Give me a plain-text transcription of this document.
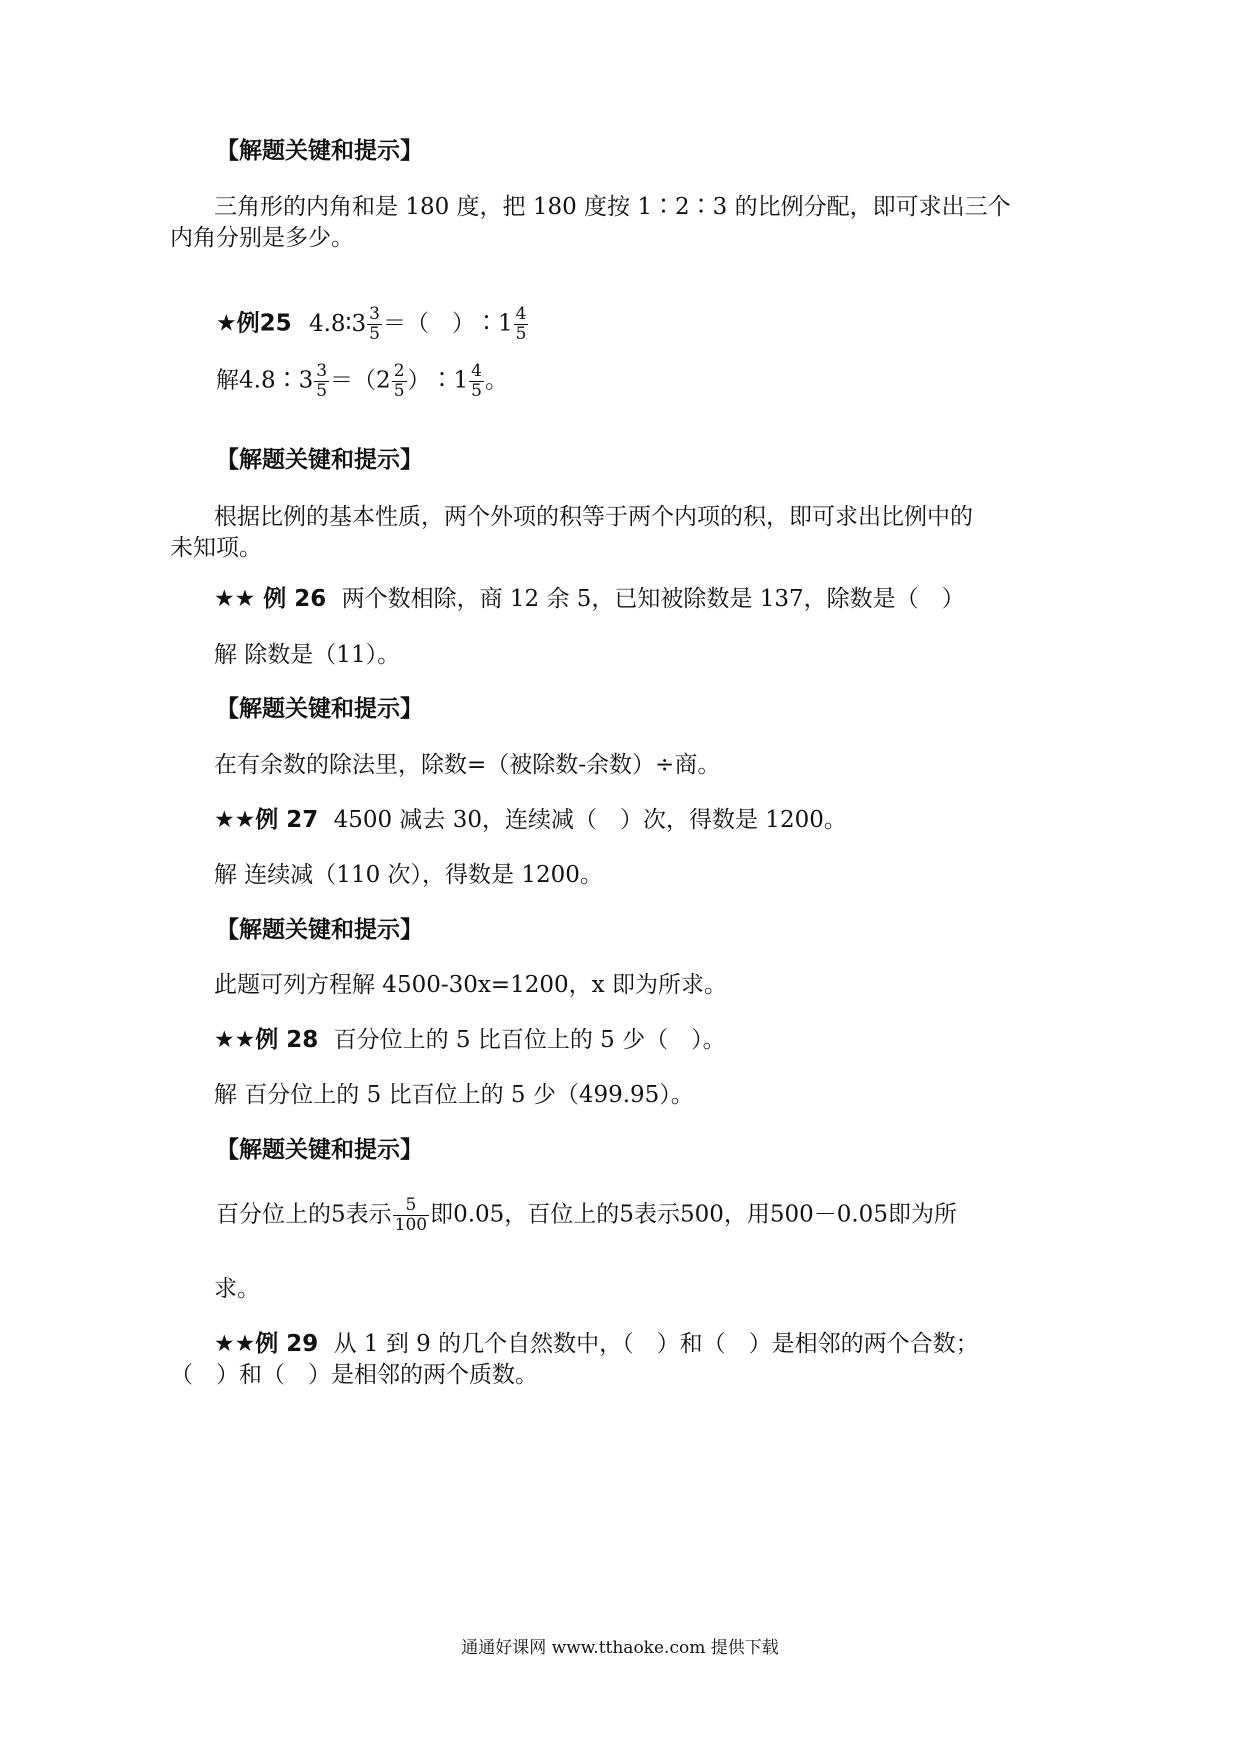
【解题关键和提示】
三角形的内角和是 180 度，把 180 度按 1∶2∶3 的比例分配，即可求出三个
内角分别是多少。
★例25 4.8∶3 $\frac{3}{5}$ ＝（　）∶1 $\frac{4}{5}$
解4.8∶3 $\frac{3}{5} =(2 \frac{2}{5}$ ）∶1 $\frac{4}{5}$ 。
【解题关键和提示】
根据比例的基本性质，两个外项的积等于两个内项的积，即可求出比例中的
未知项。
★★ 例 26 两个数相除，商 12 余 5，已知被除数是 137，除数是（　）
解 除数是（11）。
【解题关键和提示】
在有余数的除法里，除数=（被除数-余数）÷商。
★★例 27 4500 减去 30，连续减（　）次，得数是 1200。
解 连续减（110 次），得数是 1200。
【解题关键和提示】
此题可列方程解 4500-30x=1200，x 即为所求。
★★例 28 百分位上的 5 比百位上的 5 少（　）。
解 百分位上的 5 比百位上的 5 少（499.95）。
【解题关键和提示】
百分位上的5表示 $\frac{5}{100}$ 即0.05，百位上的5表示500，用500－0.05即为所
求。
★★例 29 从 1 到 9 的几个自然数中，（　）和（　）是相邻的两个合数；
（　）和（　）是相邻的两个质数。
通通好课网 www.tthaoke.com 提供下载
